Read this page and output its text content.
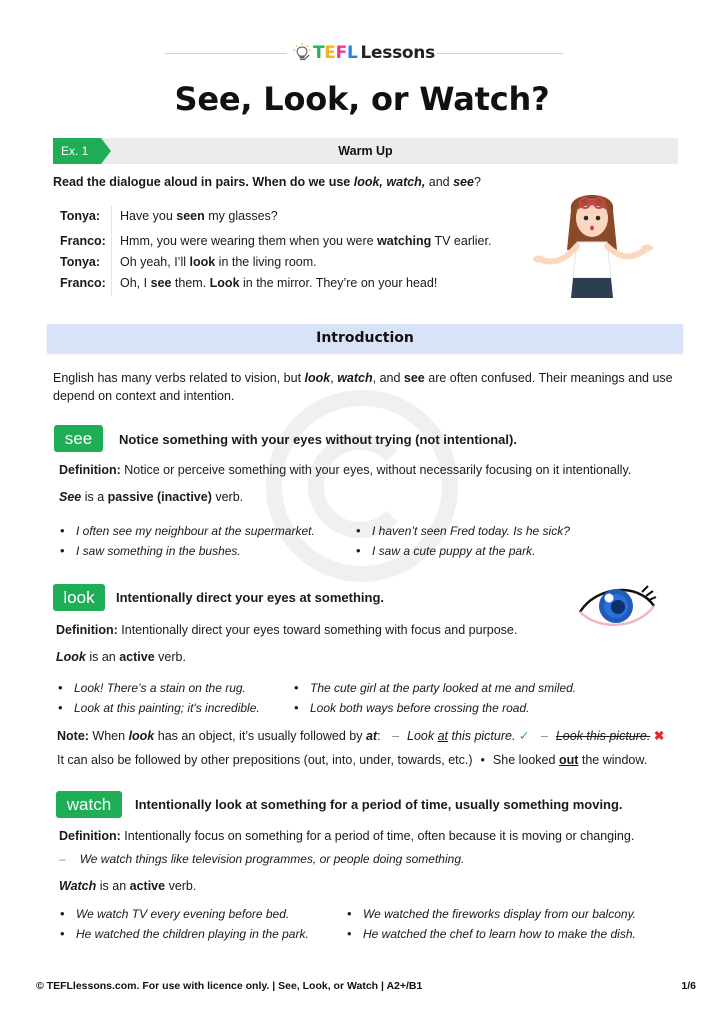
T E F L Lessons
See, Look, or Watch?
Warm Up
Ex. 1
Read the dialogue aloud in pairs. When do we use look, watch, and see?
Tonya: Have you seen my glasses?
Franco: Hmm, you were wearing them when you were watching TV earlier.
Tonya: Oh yeah, I’ll look in the living room.
Franco: Oh, I see them. Look in the mirror. They’re on your head!
Introduction
English has many verbs related to vision, but look, watch, and see are often confused. Their meanings and use
depend on context and intention.
see	Notice something with your eyes without trying (not intentional).
Definition: Notice or perceive something with your eyes, without necessarily focusing on it intentionally.
See is a passive (inactive) verb.
• I often see my neighbour at the supermarket.
• I saw something in the bushes.
• I haven’t seen Fred today. Is he sick?
• I saw a cute puppy at the park.
look	Intentionally direct your eyes at something.
Definition: Intentionally direct your eyes toward something with focus and purpose.
Look is an active verb.
• Look! There’s a stain on the rug.
• Look at this painting; it's incredible.
• The cute girl at the party looked at me and smiled.
• Look both ways before crossing the road.
Note: When look has an object, it’s usually followed by at: – Look at this picture. ✓ – Look this picture. ✖
It can also be followed by other prepositions (out, into, under, towards, etc.) • She looked out the window.
watch	Intentionally look at something for a period of time, usually something moving.
Definition: Intentionally focus on something for a period of time, often because it is moving or changing.
– We watch things like television programmes, or people doing something.
Watch is an active verb.
• We watch TV every evening before bed.
• He watched the children playing in the park.
• We watched the fireworks display from our balcony.
• He watched the chef to learn how to make the dish.
© TEFLlessons.com. For use with licence only. | See, Look, or Watch | A2+/B1	1/6
